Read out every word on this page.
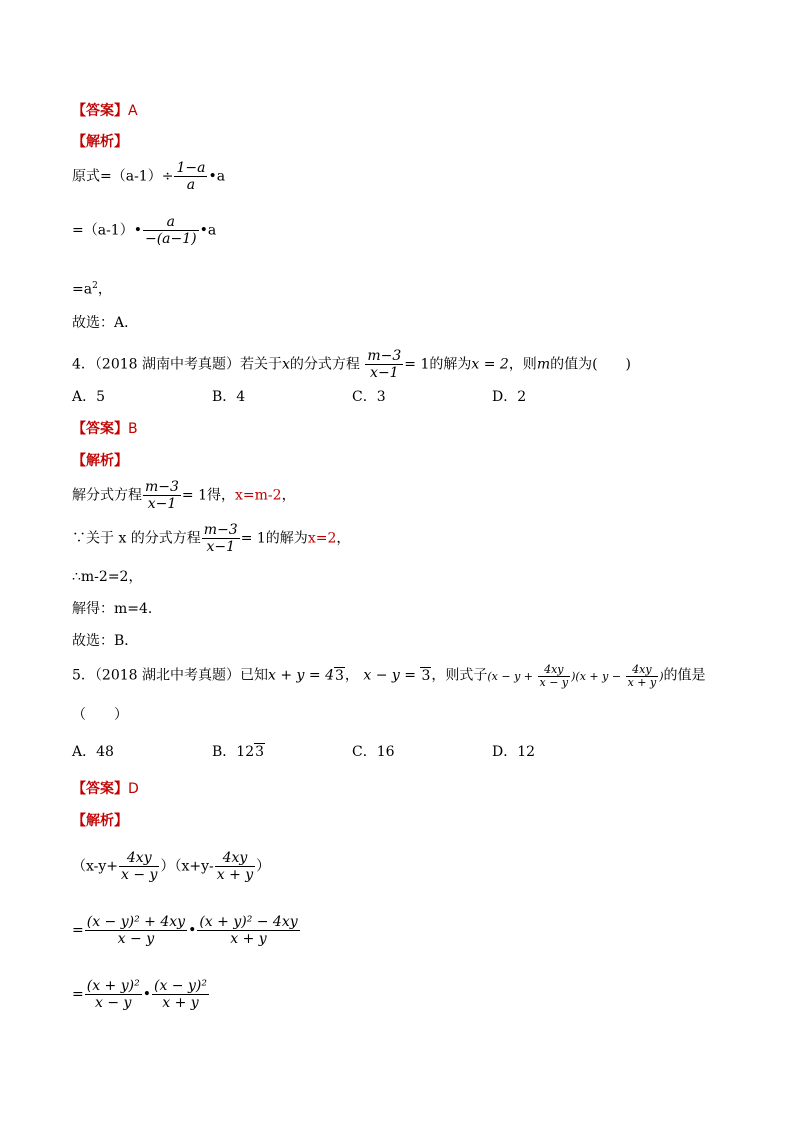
【答案】A
【解析】
原式$=(a-1)\div \frac{1-a}{a}$ •a
=（a-1）• $\frac{a}{-(a-1)}$ •a
$=a^2$，
故选：A．
4．（2018 湖南中考真题）若关于x的分式方程 $\frac{m-3}{x-1} = 1$的解为x = 2，则m的值为(　　)
A．5	B．4	C．3	D．2
【答案】B
【解析】
解分式方程 $\frac{m-3}{x-1} = 1$得，x=m-2，
∵关于 x 的分式方程 $\frac{m-3}{x-1} = 1$的解为x=2，
∴m-2=2，
解得：m=4．
故选：B．
5．（2018 湖北中考真题）已知x + y = 43， x − y = 3，则式子$(x - y + \frac{4xy}{x - y} )(x + y - \frac{4xy}{x + y}$ )的值是
（　　）
A．48	B．123	C．16	D．12
【答案】D
【解析】
$(x-y+ \frac{4xy}{x - y} )(x+y- \frac{4xy}{x + y}$ ）
= $\frac{\text{(x − y)² + 4xy}}{x - y}$ • $\frac{\text{(x + y)² − 4xy}}{x + y}$
= $\frac{\text{(x + y)²}}{x - y}$ • $\frac{\text{(x − y)²}}{x + y}$
